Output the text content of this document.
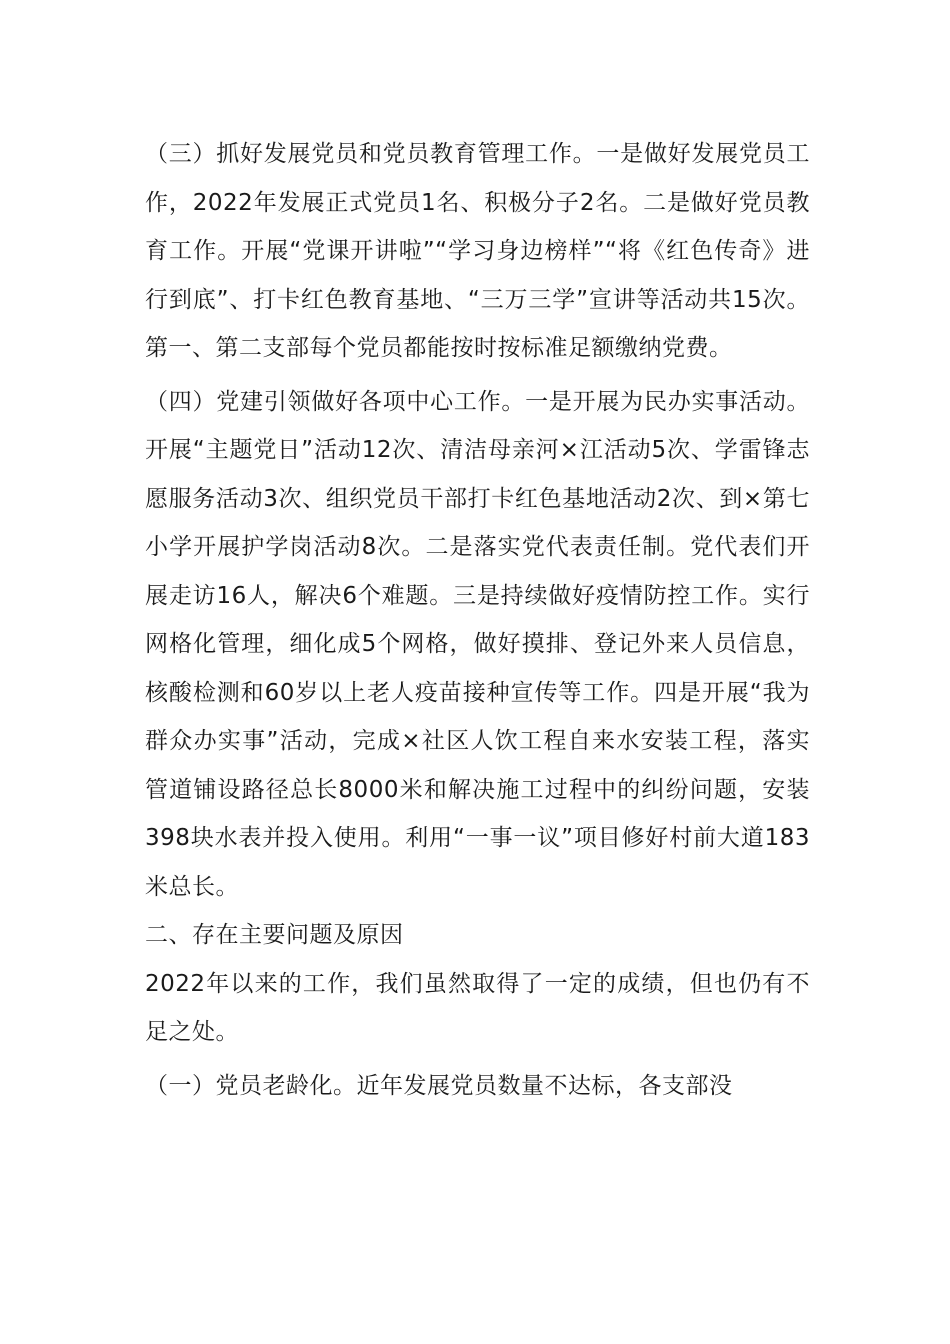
（三）抓好发展党员和党员教育管理工作。一是做好发展党员工作，2022年发展正式党员1名、积极分子2名。二是做好党员教育工作。开展“党课开讲啦”“学习身边榜样”“将《红色传奇》进行到底”、打卡红色教育基地、“三万三学”宣讲等活动共15次。第一、第二支部每个党员都能按时按标准足额缴纳党费。

（四）党建引领做好各项中心工作。一是开展为民办实事活动。开展“主题党日”活动12次、清洁母亲河×江活动5次、学雷锋志愿服务活动3次、组织党员干部打卡红色基地活动2次、到×第七小学开展护学岗活动8次。二是落实党代表责任制。党代表们开展走访16人，解决6个难题。三是持续做好疫情防控工作。实行网格化管理，细化成5个网格，做好摸排、登记外来人员信息，核酸检测和60岁以上老人疫苗接种宣传等工作。四是开展“我为群众办实事”活动，完成×社区人饮工程自来水安装工程，落实管道铺设路径总长8000米和解决施工过程中的纠纷问题，安装398块水表并投入使用。利用“一事一议”项目修好村前大道183米总长。

二、存在主要问题及原因

2022年以来的工作，我们虽然取得了一定的成绩，但也仍有不足之处。

（一）党员老龄化。近年发展党员数量不达标，各支部没
